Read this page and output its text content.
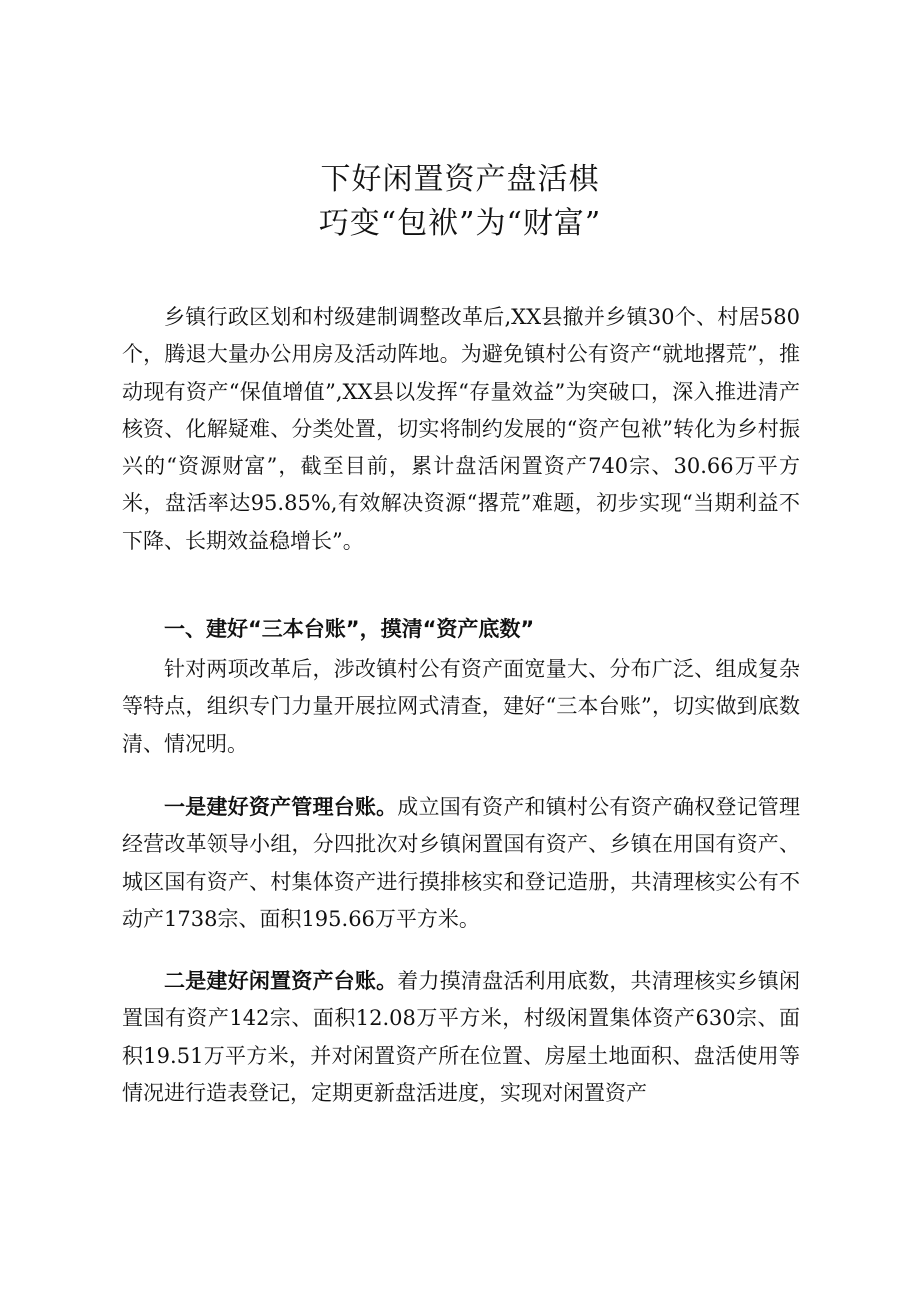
下好闲置资产盘活棋
巧变“包袱”为“财富”

乡镇行政区划和村级建制调整改革后,XX县撤并乡镇30个、村居580个，腾退大量办公用房及活动阵地。为避免镇村公有资产“就地撂荒”，推动现有资产“保值增值”,XX县以发挥“存量效益”为突破口，深入推进清产核资、化解疑难、分类处置，切实将制约发展的“资产包袱”转化为乡村振兴的“资源财富”，截至目前，累计盘活闲置资产740宗、30.66万平方米，盘活率达95.85%,有效解决资源“撂荒”难题，初步实现“当期利益不下降、长期效益稳增长”。

一、建好“三本台账”，摸清“资产底数”

针对两项改革后，涉改镇村公有资产面宽量大、分布广泛、组成复杂等特点，组织专门力量开展拉网式清查，建好“三本台账”，切实做到底数清、情况明。

一是建好资产管理台账。成立国有资产和镇村公有资产确权登记管理经营改革领导小组，分四批次对乡镇闲置国有资产、乡镇在用国有资产、城区国有资产、村集体资产进行摸排核实和登记造册，共清理核实公有不动产1738宗、面积195.66万平方米。

二是建好闲置资产台账。着力摸清盘活利用底数，共清理核实乡镇闲置国有资产142宗、面积12.08万平方米，村级闲置集体资产630宗、面积19.51万平方米，并对闲置资产所在位置、房屋土地面积、盘活使用等情况进行造表登记，定期更新盘活进度，实现对闲置资产
